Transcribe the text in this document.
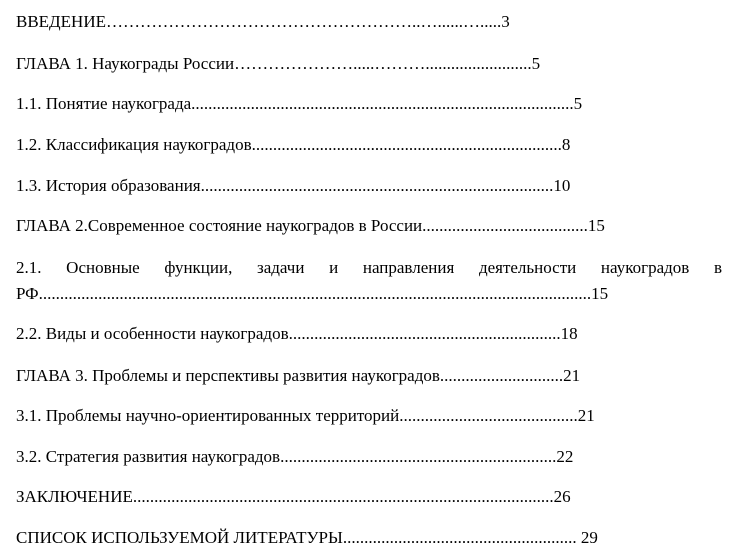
ВВЕДЕНИЕ………………………………………………..…......….....3
ГЛАВА 1. Наукограды России………………….....……….........................5
1.1. Понятие наукограда..........................................................................................5
1.2. Классификация наукоградов.........................................................................8
1.3. История образования...................................................................................10
ГЛАВА 2.Современное состояние наукоградов в России.......................................15
2.1. Основные функции, задачи и направления деятельности наукоградов в
РФ..................................................................................................................................15
2.2. Виды и особенности наукоградов................................................................18
ГЛАВА 3. Проблемы и перспективы развития наукоградов.............................21
3.1. Проблемы научно-ориентированных территорий..........................................21
3.2. Стратегия развития наукоградов.................................................................22
ЗАКЛЮЧЕНИЕ...................................................................................................26
СПИСОК ИСПОЛЬЗУЕМОЙ ЛИТЕРАТУРЫ....................................................... 29
